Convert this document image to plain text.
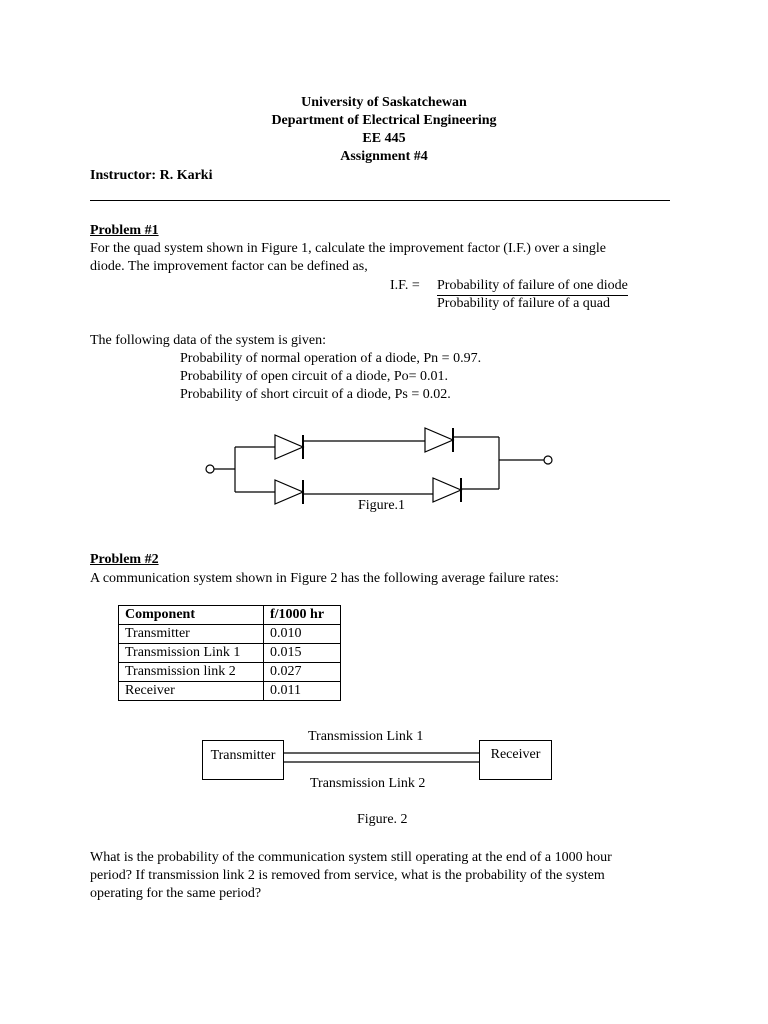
University of Saskatchewan
Department of Electrical Engineering
EE 445
Assignment #4
Instructor: R. Karki
Problem #1
For the quad system shown in Figure 1, calculate the improvement factor (I.F.) over a single
diode. The improvement factor can be defined as,
I.F. = Probability of failure of one diode
Probability of failure of a quad
The following data of the system is given:
Probability of normal operation of a diode, Pn = 0.97.
Probability of open circuit of a diode, Po= 0.01.
Probability of short circuit of a diode, Ps = 0.02.
Figure.1
Problem #2
A communication system shown in Figure 2 has the following average failure rates:
Component	f/1000 hr
Transmitter	0.010
Transmission Link 1	0.015
Transmission link 2	0.027
Receiver	0.011
Transmission Link 1
Transmitter	Receiver
Transmission Link 2
Figure. 2
What is the probability of the communication system still operating at the end of a 1000 hour
period? If transmission link 2 is removed from service, what is the probability of the system
operating for the same period?
